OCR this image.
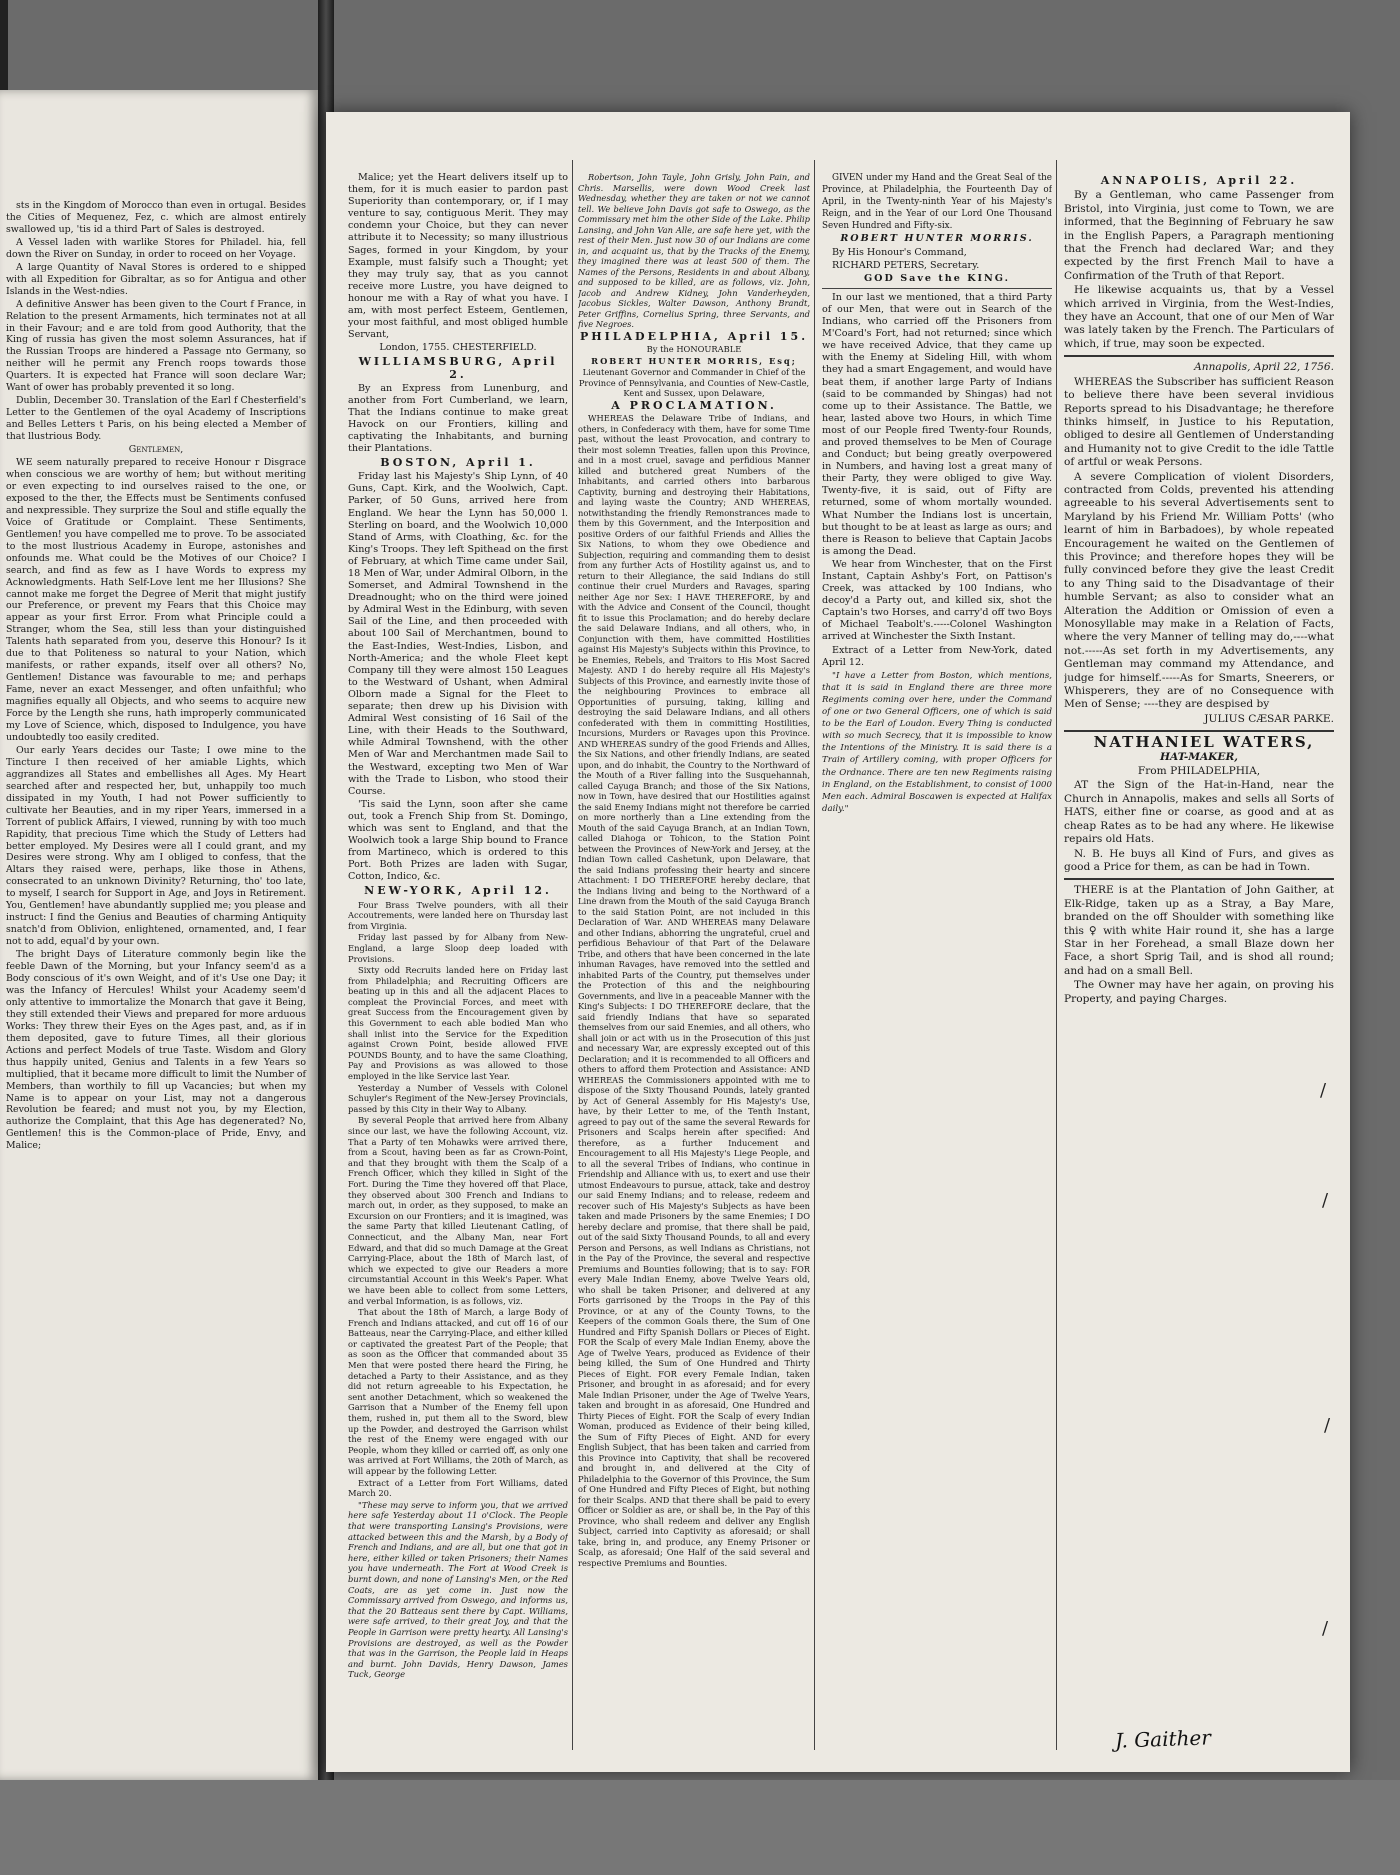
sts in the Kingdom of Morocco than even in ortugal. Besides the Cities of Mequenez, Fez, c. which are almost entirely swallowed up, 'tis id a third Part of Sales is destroyed.

A Vessel laden with warlike Stores for Philadel. hia, fell down the River on Sunday, in order to roceed on her Voyage.

A large Quantity of Naval Stores is ordered to e shipped with all Expedition for Gibraltar, as so for Antigua and other Islands in the West-ndies.

A definitive Answer has been given to the Court f France, in Relation to the present Armaments, hich terminates not at all in their Favour; and e are told from good Authority, that the King of russia has given the most solemn Assurances, hat if the Russian Troops are hindered a Passage nto Germany, so neither will he permit any French roops towards those Quarters. It is expected hat France will soon declare War; Want of ower has probably prevented it so long.

Dublin, December 30. Translation of the Earl f Chesterfield's Letter to the Gentlemen of the oyal Academy of Inscriptions and Belles Letters t Paris, on his being elected a Member of that llustrious Body.

Gentlemen,

WE seem naturally prepared to receive Honour r Disgrace when conscious we are worthy of hem; but without meriting or even expecting to ind ourselves raised to the one, or exposed to the ther, the Effects must be Sentiments confused and nexpressible. They surprize the Soul and stifle equally the Voice of Gratitude or Complaint. These Sentiments, Gentlemen! you have compelled me to prove. To be associated to the most llustrious Academy in Europe, astonishes and onfounds me. What could be the Motives of our Choice? I search, and find as few as I have Words to express my Acknowledgments. Hath Self-Love lent me her Illusions? She cannot make me forget the Degree of Merit that might justify our Preference, or prevent my Fears that this Choice may appear as your first Error. From what Principle could a Stranger, whom the Sea, still less than your distinguished Talents hath separated from you, deserve this Honour? Is it due to that Politeness so natural to your Nation, which manifests, or rather expands, itself over all others? No, Gentlemen! Distance was favourable to me; and perhaps Fame, never an exact Messenger, and often unfaithful; who magnifies equally all Objects, and who seems to acquire new Force by the Length she runs, hath improperly communicated my Love of Science, which, disposed to Indulgence, you have undoubtedly too easily credited.

Our early Years decides our Taste; I owe mine to the Tincture I then received of her amiable Lights, which aggrandizes all States and embellishes all Ages. My Heart searched after and respected her, but, unhappily too much dissipated in my Youth, I had not Power sufficiently to cultivate her Beauties, and in my riper Years, immersed in a Torrent of publick Affairs, I viewed, running by with too much Rapidity, that precious Time which the Study of Letters had better employed. My Desires were all I could grant, and my Desires were strong. Why am I obliged to confess, that the Altars they raised were, perhaps, like those in Athens, consecrated to an unknown Divinity? Returning, tho' too late, to myself, I search for Support in Age, and Joys in Retirement. You, Gentlemen! have abundantly supplied me; you please and instruct: I find the Genius and Beauties of charming Antiquity snatch'd from Oblivion, enlightened, ornamented, and, I fear not to add, equal'd by your own.

The bright Days of Literature commonly begin like the feeble Dawn of the Morning, but your Infancy seem'd as a Body conscious of it's own Weight, and of it's Use one Day; it was the Infancy of Hercules! Whilst your Academy seem'd only attentive to immortalize the Monarch that gave it Being, they still extended their Views and prepared for more arduous Works: They threw their Eyes on the Ages past, and, as if in them deposited, gave to future Times, all their glorious Actions and perfect Models of true Taste. Wisdom and Glory thus happily united, Genius and Talents in a few Years so multiplied, that it became more difficult to limit the Number of Members, than worthily to fill up Vacancies; but when my Name is to appear on your List, may not a dangerous Revolution be feared; and must not you, by my Election, authorize the Complaint, that this Age has degenerated? No, Gentlemen! this is the Common-place of Pride, Envy, and Malice;

Malice; yet the Heart delivers itself up to them, for it is much easier to pardon past Superiority than contemporary, or, if I may venture to say, contiguous Merit. They may condemn your Choice, but they can never attribute it to Necessity; so many illustrious Sages, formed in your Kingdom, by your Example, must falsify such a Thought; yet they may truly say, that as you cannot receive more Lustre, you have deigned to honour me with a Ray of what you have. I am, with most perfect Esteem, Gentlemen, your most faithful, and most obliged humble Servant,

London, 1755. CHESTERFIELD.

WILLIAMSBURG, April 2.

By an Express from Lunenburg, and another from Fort Cumberland, we learn, That the Indians continue to make great Havock on our Frontiers, killing and captivating the Inhabitants, and burning their Plantations.

BOSTON, April 1.

Friday last his Majesty's Ship Lynn, of 40 Guns, Capt. Kirk, and the Woolwich, Capt. Parker, of 50 Guns, arrived here from England. We hear the Lynn has 50,000 l. Sterling on board, and the Woolwich 10,000 Stand of Arms, with Cloathing, &c. for the King's Troops. They left Spithead on the first of February, at which Time came under Sail, 18 Men of War, under Admiral Olborn, in the Somerset, and Admiral Townshend in the Dreadnought; who on the third were joined by Admiral West in the Edinburg, with seven Sail of the Line, and then proceeded with about 100 Sail of Merchantmen, bound to the East-Indies, West-Indies, Lisbon, and North-America; and the whole Fleet kept Company till they were almost 150 Leagues to the Westward of Ushant, when Admiral Olborn made a Signal for the Fleet to separate; then drew up his Division with Admiral West consisting of 16 Sail of the Line, with their Heads to the Southward, while Admiral Townshend, with the other Men of War and Merchantmen made Sail to the Westward, excepting two Men of War with the Trade to Lisbon, who stood their Course.

'Tis said the Lynn, soon after she came out, took a French Ship from St. Domingo, which was sent to England, and that the Woolwich took a large Ship bound to France from Martineco, which is ordered to this Port. Both Prizes are laden with Sugar, Cotton, Indico, &c.

NEW-YORK, April 12.

Four Brass Twelve pounders, with all their Accoutrements, were landed here on Thursday last from Virginia.

Friday last passed by for Albany from New-England, a large Sloop deep loaded with Provisions.

Sixty odd Recruits landed here on Friday last from Philadelphia; and Recruiting Officers are beating up in this and all the adjacent Places to compleat the Provincial Forces, and meet with great Success from the Encouragement given by this Government to each able bodied Man who shall inlist into the Service for the Expedition against Crown Point, beside allowed FIVE POUNDS Bounty, and to have the same Cloathing, Pay and Provisions as was allowed to those employed in the like Service last Year.

Yesterday a Number of Vessels with Colonel Schuyler's Regiment of the New-Jersey Provincials, passed by this City in their Way to Albany.

By several People that arrived here from Albany since our last, we have the following Account, viz. That a Party of ten Mohawks were arrived there, from a Scout, having been as far as Crown-Point, and that they brought with them the Scalp of a French Officer, which they killed in Sight of the Fort. During the Time they hovered off that Place, they observed about 300 French and Indians to march out, in order, as they supposed, to make an Excursion on our Frontiers; and it is imagined, was the same Party that killed Lieutenant Catling, of Connecticut, and the Albany Man, near Fort Edward, and that did so much Damage at the Great Carrying-Place, about the 18th of March last, of which we expected to give our Readers a more circumstantial Account in this Week's Paper. What we have been able to collect from some Letters, and verbal Information, is as follows, viz.

That about the 18th of March, a large Body of French and Indians attacked, and cut off 16 of our Batteaus, near the Carrying-Place, and either killed or captivated the greatest Part of the People; that as soon as the Officer that commanded about 35 Men that were posted there heard the Firing, he detached a Party to their Assistance, and as they did not return agreeable to his Expectation, he sent another Detachment, which so weakened the Garrison that a Number of the Enemy fell upon them, rushed in, put them all to the Sword, blew up the Powder, and destroyed the Garrison whilst the rest of the Enemy were engaged with our People, whom they killed or carried off, as only one was arrived at Fort Williams, the 20th of March, as will appear by the following Letter.

Extract of a Letter from Fort Williams, dated March 20.

"These may serve to inform you, that we arrived here safe Yesterday about 11 o'Clock. The People that were transporting Lansing's Provisions, were attacked between this and the Marsh, by a Body of French and Indians, and are all, but one that got in here, either killed or taken Prisoners; their Names you have underneath. The Fort at Wood Creek is burnt down, and none of Lansing's Men, or the Red Coats, are as yet come in. Just now the Commissary arrived from Oswego, and informs us, that the 20 Batteaus sent there by Capt. Williams, were safe arrived, to their great Joy, and that the People in Garrison were pretty hearty. All Lansing's Provisions are destroyed, as well as the Powder that was in the Garrison, the People laid in Heaps and burnt. John Davids, Henry Dawson, James Tuck, George

Robertson, John Tayle, John Grisly, John Pain, and Chris. Marsellis, were down Wood Creek last Wednesday, whether they are taken or not we cannot tell. We believe John Davis got safe to Oswego, as the Commissary met him the other Side of the Lake. Philip Lansing, and John Van Alle, are safe here yet, with the rest of their Men. Just now 30 of our Indians are come in, and acquaint us, that by the Tracks of the Enemy, they imagined there was at least 500 of them. The Names of the Persons, Residents in and about Albany, and supposed to be killed, are as follows, viz. John, Jacob and Andrew Kidney, John Vanderheyden, Jacobus Sickles, Walter Dawson, Anthony Brandt, Peter Griffins, Cornelius Spring, three Servants, and five Negroes.

PHILADELPHIA, April 15.

By the HONOURABLE

ROBERT HUNTER MORRIS, Esq;

Lieutenant Governor and Commander in Chief of the Province of Pennsylvania, and Counties of New-Castle, Kent and Sussex, upon Delaware,

A PROCLAMATION.

WHEREAS the Delaware Tribe of Indians, and others, in Confederacy with them, have for some Time past, without the least Provocation, and contrary to their most solemn Treaties, fallen upon this Province, and in a most cruel, savage and perfidious Manner killed and butchered great Numbers of the Inhabitants, and carried others into barbarous Captivity, burning and destroying their Habitations, and laying waste the Country; AND WHEREAS, notwithstanding the friendly Remonstrances made to them by this Government, and the Interposition and positive Orders of our faithful Friends and Allies the Six Nations, to whom they owe Obedience and Subjection, requiring and commanding them to desist from any further Acts of Hostility against us, and to return to their Allegiance, the said Indians do still continue their cruel Murders and Ravages, sparing neither Age nor Sex: I HAVE THEREFORE, by and with the Advice and Consent of the Council, thought fit to issue this Proclamation; and do hereby declare the said Delaware Indians, and all others, who, in Conjunction with them, have committed Hostilities against His Majesty's Subjects within this Province, to be Enemies, Rebels, and Traitors to His Most Sacred Majesty. AND I do hereby require all His Majesty's Subjects of this Province, and earnestly invite those of the neighbouring Provinces to embrace all Opportunities of pursuing, taking, killing and destroying the said Delaware Indians, and all others confederated with them in committing Hostilities, Incursions, Murders or Ravages upon this Province. AND WHEREAS sundry of the good Friends and Allies, the Six Nations, and other friendly Indians, are seated upon, and do inhabit, the Country to the Northward of the Mouth of a River falling into the Susquehannah, called Cayuga Branch; and those of the Six Nations, now in Town, have desired that our Hostilities against the said Enemy Indians might not therefore be carried on more northerly than a Line extending from the Mouth of the said Cayuga Branch, at an Indian Town, called Diahoga or Tohicon, to the Station Point between the Provinces of New-York and Jersey, at the Indian Town called Cashetunk, upon Delaware, that the said Indians professing their hearty and sincere Attachment: I DO THEREFORE hereby declare, that the Indians living and being to the Northward of a Line drawn from the Mouth of the said Cayuga Branch to the said Station Point, are not included in this Declaration of War. AND WHEREAS many Delaware and other Indians, abhorring the ungrateful, cruel and perfidious Behaviour of that Part of the Delaware Tribe, and others that have been concerned in the late inhuman Ravages, have removed into the settled and inhabited Parts of the Country, put themselves under the Protection of this and the neighbouring Governments, and live in a peaceable Manner with the King's Subjects: I DO THEREFORE declare, that the said friendly Indians that have so separated themselves from our said Enemies, and all others, who shall join or act with us in the Prosecution of this just and necessary War, are expressly excepted out of this Declaration; and it is recommended to all Officers and others to afford them Protection and Assistance: AND WHEREAS the Commissioners appointed with me to dispose of the Sixty Thousand Pounds, lately granted by Act of General Assembly for His Majesty's Use, have, by their Letter to me, of the Tenth Instant, agreed to pay out of the same the several Rewards for Prisoners and Scalps herein after specified: And therefore, as a further Inducement and Encouragement to all His Majesty's Liege People, and to all the several Tribes of Indians, who continue in Friendship and Alliance with us, to exert and use their utmost Endeavours to pursue, attack, take and destroy our said Enemy Indians; and to release, redeem and recover such of His Majesty's Subjects as have been taken and made Prisoners by the same Enemies; I DO hereby declare and promise, that there shall be paid, out of the said Sixty Thousand Pounds, to all and every Person and Persons, as well Indians as Christians, not in the Pay of the Province, the several and respective Premiums and Bounties following; that is to say: FOR every Male Indian Enemy, above Twelve Years old, who shall be taken Prisoner, and delivered at any Forts garrisoned by the Troops in the Pay of this Province, or at any of the County Towns, to the Keepers of the common Goals there, the Sum of One Hundred and Fifty Spanish Dollars or Pieces of Eight. FOR the Scalp of every Male Indian Enemy, above the Age of Twelve Years, produced as Evidence of their being killed, the Sum of One Hundred and Thirty Pieces of Eight. FOR every Female Indian, taken Prisoner, and brought in as aforesaid; and for every Male Indian Prisoner, under the Age of Twelve Years, taken and brought in as aforesaid, One Hundred and Thirty Pieces of Eight. FOR the Scalp of every Indian Woman, produced as Evidence of their being killed, the Sum of Fifty Pieces of Eight. AND for every English Subject, that has been taken and carried from this Province into Captivity, that shall be recovered and brought in, and delivered at the City of Philadelphia to the Governor of this Province, the Sum of One Hundred and Fifty Pieces of Eight, but nothing for their Scalps. AND that there shall be paid to every Officer or Soldier as are, or shall be, in the Pay of this Province, who shall redeem and deliver any English Subject, carried into Captivity as aforesaid; or shall take, bring in, and produce, any Enemy Prisoner or Scalp, as aforesaid; One Half of the said several and respective Premiums and Bounties.

GIVEN under my Hand and the Great Seal of the Province, at Philadelphia, the Fourteenth Day of April, in the Twenty-ninth Year of his Majesty's Reign, and in the Year of our Lord One Thousand Seven Hundred and Fifty-six.

ROBERT HUNTER MORRIS.

By His Honour's Command,

RICHARD PETERS, Secretary.

GOD Save the KING.

In our last we mentioned, that a third Party of our Men, that were out in Search of the Indians, who carried off the Prisoners from M'Coard's Fort, had not returned; since which we have received Advice, that they came up with the Enemy at Sideling Hill, with whom they had a smart Engagement, and would have beat them, if another large Party of Indians (said to be commanded by Shingas) had not come up to their Assistance. The Battle, we hear, lasted above two Hours, in which Time most of our People fired Twenty-four Rounds, and proved themselves to be Men of Courage and Conduct; but being greatly overpowered in Numbers, and having lost a great many of their Party, they were obliged to give Way. Twenty-five, it is said, out of Fifty are returned, some of whom mortally wounded. What Number the Indians lost is uncertain, but thought to be at least as large as ours; and there is Reason to believe that Captain Jacobs is among the Dead.

We hear from Winchester, that on the First Instant, Captain Ashby's Fort, on Pattison's Creek, was attacked by 100 Indians, who decoy'd a Party out, and killed six, shot the Captain's two Horses, and carry'd off two Boys of Michael Teabolt's.-----Colonel Washington arrived at Winchester the Sixth Instant.

Extract of a Letter from New-York, dated April 12.

"I have a Letter from Boston, which mentions, that it is said in England there are three more Regiments coming over here, under the Command of one or two General Officers, one of which is said to be the Earl of Loudon. Every Thing is conducted with so much Secrecy, that it is impossible to know the Intentions of the Ministry. It is said there is a Train of Artillery coming, with proper Officers for the Ordnance. There are ten new Regiments raising in England, on the Establishment, to consist of 1000 Men each. Admiral Boscawen is expected at Halifax daily."

ANNAPOLIS, April 22.

By a Gentleman, who came Passenger from Bristol, into Virginia, just come to Town, we are informed, that the Beginning of February he saw in the English Papers, a Paragraph mentioning that the French had declared War; and they expected by the first French Mail to have a Confirmation of the Truth of that Report.

He likewise acquaints us, that by a Vessel which arrived in Virginia, from the West-Indies, they have an Account, that one of our Men of War was lately taken by the French. The Particulars of which, if true, may soon be expected.

Annapolis, April 22, 1756.

WHEREAS the Subscriber has sufficient Reason to believe there have been several invidious Reports spread to his Disadvantage; he therefore thinks himself, in Justice to his Reputation, obliged to desire all Gentlemen of Understanding and Humanity not to give Credit to the idle Tattle of artful or weak Persons.

A severe Complication of violent Disorders, contracted from Colds, prevented his attending agreeable to his several Advertisements sent to Maryland by his Friend Mr. William Potts' (who learnt of him in Barbadoes), by whole repeated Encouragement he waited on the Gentlemen of this Province; and therefore hopes they will be fully convinced before they give the least Credit to any Thing said to the Disadvantage of their humble Servant; as also to consider what an Alteration the Addition or Omission of even a Monosyllable may make in a Relation of Facts, where the very Manner of telling may do,----what not.-----As set forth in my Advertisements, any Gentleman may command my Attendance, and judge for himself.-----As for Smarts, Sneerers, or Whisperers, they are of no Consequence with Men of Sense; ----they are despised by

JULIUS CÆSAR PARKE.

NATHANIEL WATERS,

HAT-MAKER,

From PHILADELPHIA,

AT the Sign of the Hat-in-Hand, near the Church in Annapolis, makes and sells all Sorts of HATS, either fine or coarse, as good and at as cheap Rates as to be had any where. He likewise repairs old Hats.

N. B. He buys all Kind of Furs, and gives as good a Price for them, as can be had in Town.

THERE is at the Plantation of John Gaither, at Elk-Ridge, taken up as a Stray, a Bay Mare, branded on the off Shoulder with something like this ♀ with white Hair round it, she has a large Star in her Forehead, a small Blaze down her Face, a short Sprig Tail, and is shod all round; and had on a small Bell.

The Owner may have her again, on proving his Property, and paying Charges.

J. Gaither
/
/
/
/
